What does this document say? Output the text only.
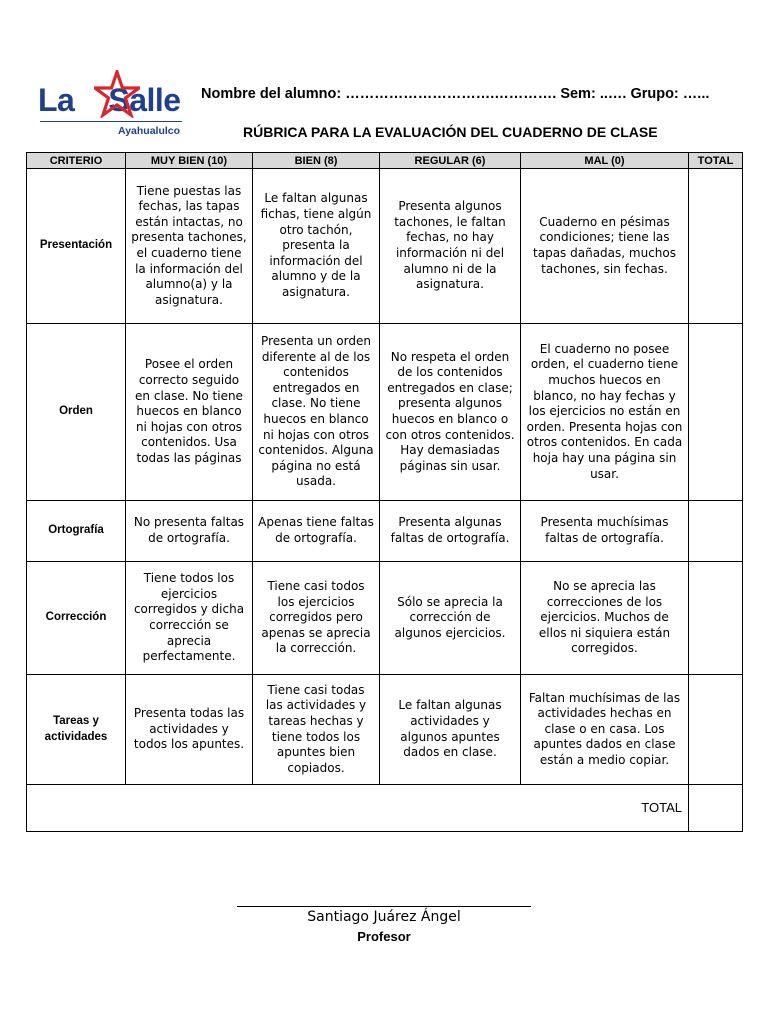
La Salle
Ayahualulco
Nombre del alumno: ………………………….…………. Sem: ..…. Grupo: …...
RÚBRICA PARA LA EVALUACIÓN DEL CUADERNO DE CLASE
CRITERIO	MUY BIEN (10)	BIEN (8)	REGULAR (6)	MAL (0)	TOTAL
Presentación	Tiene puestas las fechas, las tapas están intactas, no presenta tachones, el cuaderno tiene la información del alumno(a) y la asignatura.	Le faltan algunas fichas, tiene algún otro tachón, presenta la información del alumno y de la asignatura.	Presenta algunos tachones, le faltan fechas, no hay información ni del alumno ni de la asignatura.	Cuaderno en pésimas condiciones; tiene las tapas dañadas, muchos tachones, sin fechas.	
Orden	Posee el orden correcto seguido en clase. No tiene huecos en blanco ni hojas con otros contenidos. Usa todas las páginas	Presenta un orden diferente al de los contenidos entregados en clase. No tiene huecos en blanco ni hojas con otros contenidos. Alguna página no está usada.	No respeta el orden de los contenidos entregados en clase; presenta algunos huecos en blanco o con otros contenidos. Hay demasiadas páginas sin usar.	El cuaderno no posee orden, el cuaderno tiene muchos huecos en blanco, no hay fechas y los ejercicios no están en orden. Presenta hojas con otros contenidos. En cada hoja hay una página sin usar.	
Ortografía	No presenta faltas de ortografía.	Apenas tiene faltas de ortografía.	Presenta algunas faltas de ortografía.	Presenta muchísimas faltas de ortografía.	
Corrección	Tiene todos los ejercicios corregidos y dicha corrección se aprecia perfectamente.	Tiene casi todos los ejercicios corregidos pero apenas se aprecia la corrección.	Sólo se aprecia la corrección de algunos ejercicios.	No se aprecia las correcciones de los ejercicios. Muchos de ellos ni siquiera están corregidos.	
Tareas y actividades	Presenta todas las actividades y todos los apuntes.	Tiene casi todas las actividades y tareas hechas y tiene todos los apuntes bien copiados.	Le faltan algunas actividades y algunos apuntes dados en clase.	Faltan muchísimas de las actividades hechas en clase o en casa. Los apuntes dados en clase están a medio copiar.	
TOTAL					
Santiago Juárez Ángel
Profesor
